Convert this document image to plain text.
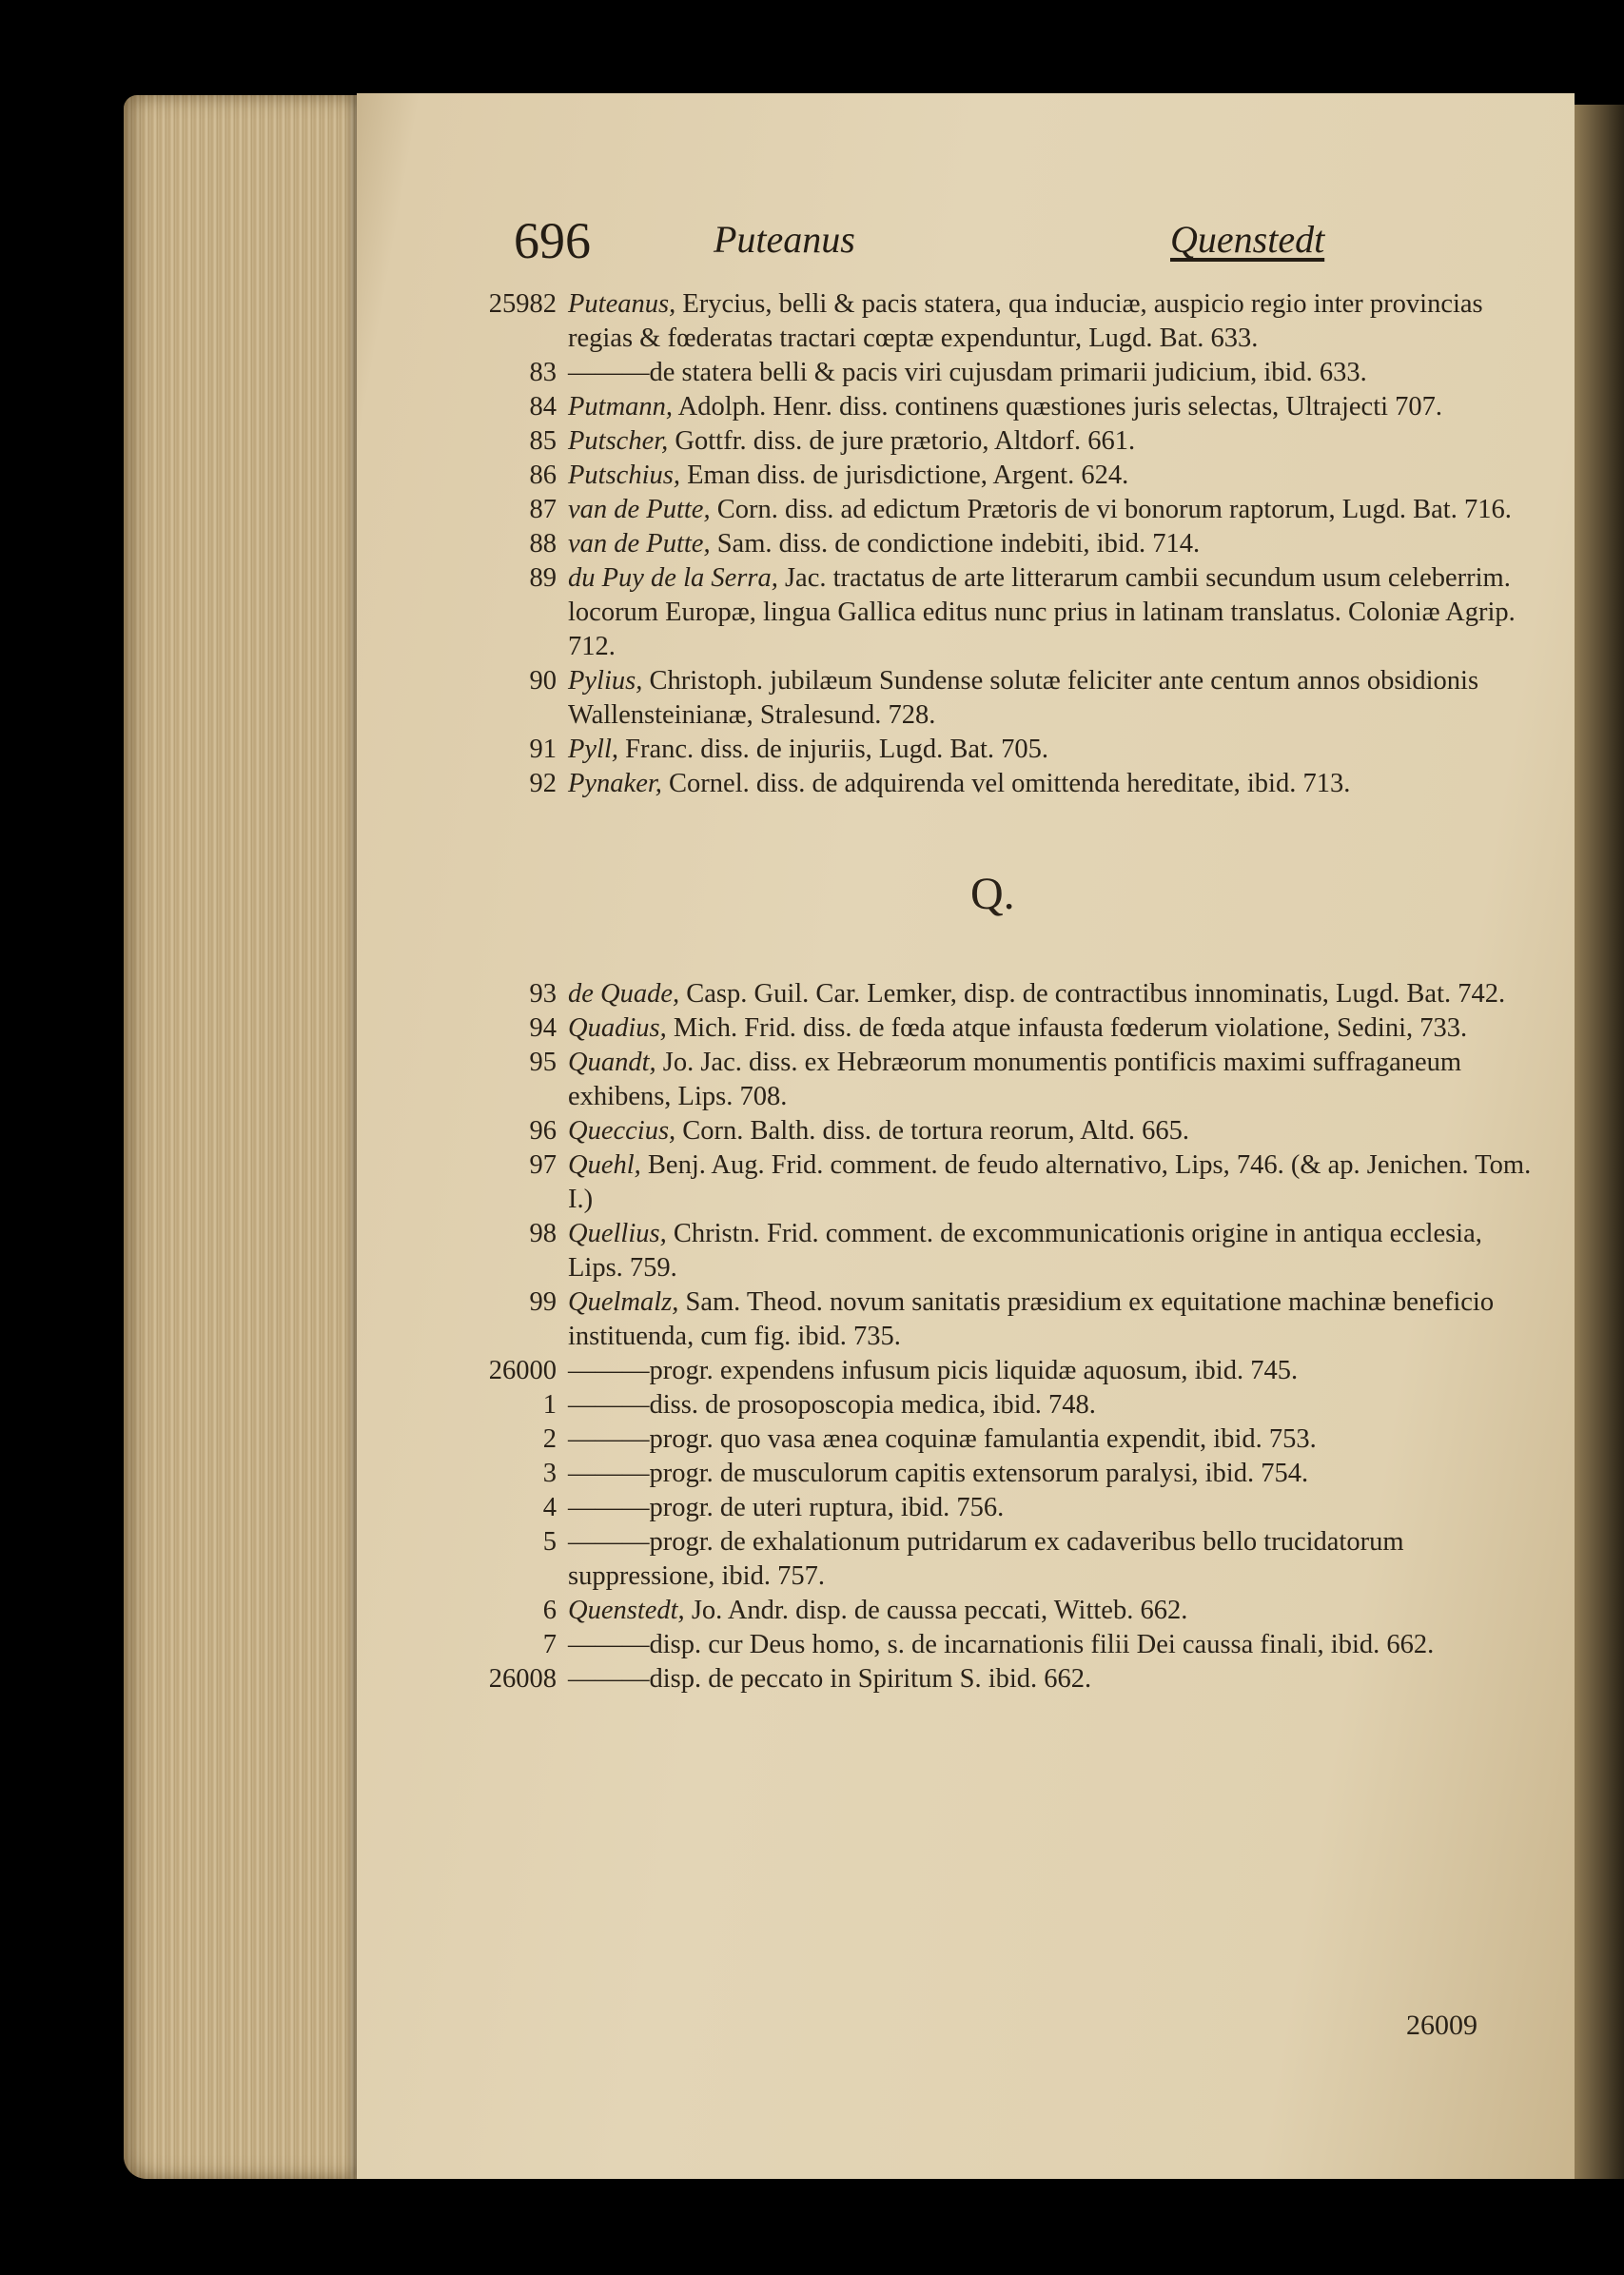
696	Puteanus	Quenstedt
25982 Puteanus, Erycius, belli & pacis statera, qua induciæ, auspicio regio inter provincias regias & fœderatas tractari cœptæ expenduntur, Lugd. Bat. 633.
83 ———de statera belli & pacis viri cujusdam primarii judicium, ibid. 633.
84 Putmann, Adolph. Henr. diss. continens quæstiones juris selectas, Ultrajecti 707.
85 Putscher, Gottfr. diss. de jure prætorio, Altdorf. 661.
86 Putschius, Eman diss. de jurisdictione, Argent. 624.
87 van de Putte, Corn. diss. ad edictum Prætoris de vi bonorum raptorum, Lugd. Bat. 716.
88 van de Putte, Sam. diss. de condictione indebiti, ibid. 714.
89 du Puy de la Serra, Jac. tractatus de arte litterarum cambii secundum usum celeberrim. locorum Europæ, lingua Gallica editus nunc prius in latinam translatus. Coloniæ Agrip. 712.
90 Pylius, Christoph. jubilæum Sundense solutæ feliciter ante centum annos obsidionis Wallensteinianæ, Stralesund. 728.
91 Pyll, Franc. diss. de injuriis, Lugd. Bat. 705.
92 Pynaker, Cornel. diss. de adquirenda vel omittenda hereditate, ibid. 713.
Q.
93 de Quade, Casp. Guil. Car. Lemker, disp. de contractibus innominatis, Lugd. Bat. 742.
94 Quadius, Mich. Frid. diss. de fœda atque infausta fœderum violatione, Sedini, 733.
95 Quandt, Jo. Jac. diss. ex Hebræorum monumentis pontificis maximi suffraganeum exhibens, Lips. 708.
96 Queccius, Corn. Balth. diss. de tortura reorum, Altd. 665.
97 Quehl, Benj. Aug. Frid. comment. de feudo alternativo, Lips, 746. (& ap. Jenichen. Tom. I.)
98 Quellius, Christn. Frid. comment. de excommunicationis origine in antiqua ecclesia, Lips. 759.
99 Quelmalz, Sam. Theod. novum sanitatis præsidium ex equitatione machinæ beneficio instituenda, cum fig. ibid. 735.
26000 ———progr. expendens infusum picis liquidæ aquosum, ibid. 745.
1 ———diss. de prosoposcopia medica, ibid. 748.
2 ———progr. quo vasa ænea coquinæ famulantia expendit, ibid. 753.
3 ———progr. de musculorum capitis extensorum paralysi, ibid. 754.
4 ———progr. de uteri ruptura, ibid. 756.
5 ———progr. de exhalationum putridarum ex cadaveribus bello trucidatorum suppressione, ibid. 757.
6 Quenstedt, Jo. Andr. disp. de caussa peccati, Witteb. 662.
7 ———disp. cur Deus homo, s. de incarnationis filii Dei caussa finali, ibid. 662.
26008 ———disp. de peccato in Spiritum S. ibid. 662.
26009
